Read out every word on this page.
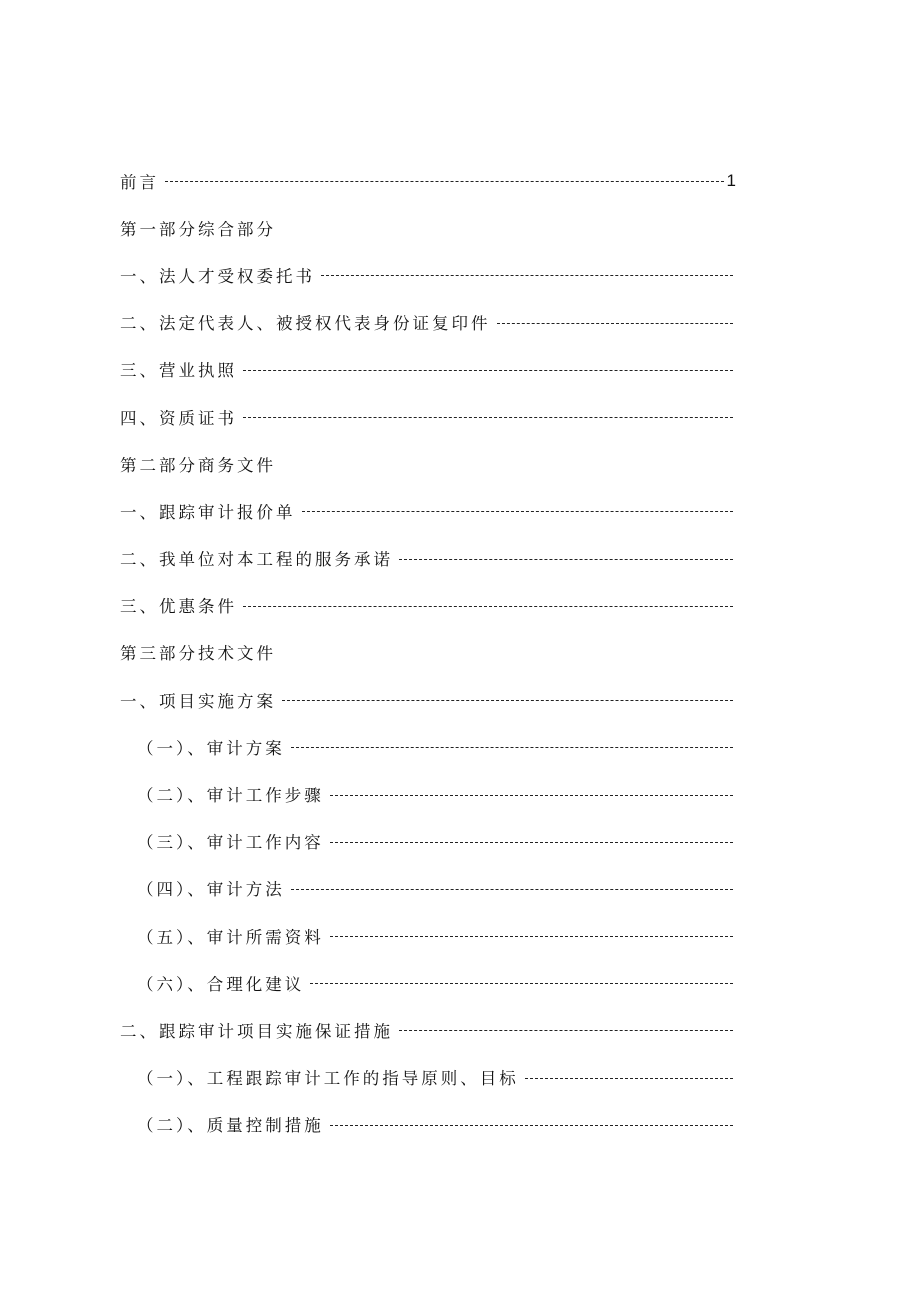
前言	1
第一部分综合部分
一、法人才受权委托书
二、法定代表人、被授权代表身份证复印件
三、营业执照
四、资质证书
第二部分商务文件
一、跟踪审计报价单
二、我单位对本工程的服务承诺
三、优惠条件
第三部分技术文件
一、项目实施方案
（一）、审计方案
（二）、审计工作步骤
（三）、审计工作内容
（四）、审计方法
（五）、审计所需资料
（六）、合理化建议
二、跟踪审计项目实施保证措施
（一）、工程跟踪审计工作的指导原则、目标
（二）、质量控制措施
